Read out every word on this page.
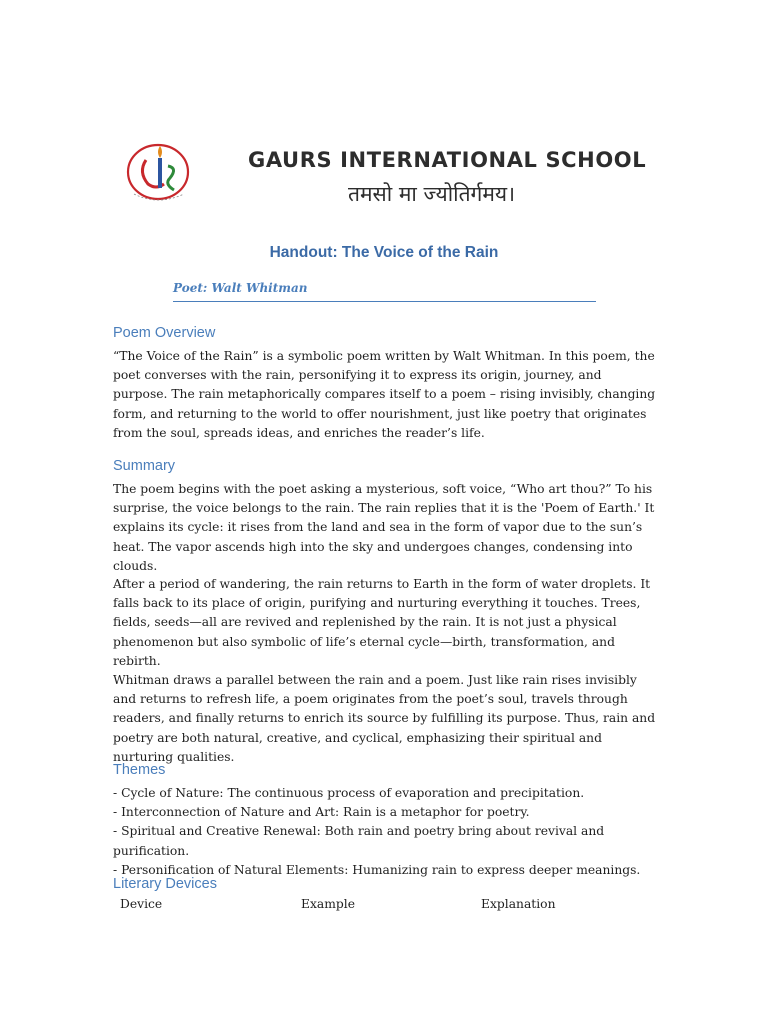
GAURS INTERNATIONAL SCHOOL
तमसो मा ज्योतिर्गमय।
Handout: The Voice of the Rain
Poet: Walt Whitman
Poem Overview

“The Voice of the Rain” is a symbolic poem written by Walt Whitman. In this poem, the poet converses with the rain, personifying it to express its origin, journey, and purpose. The rain metaphorically compares itself to a poem – rising invisibly, changing form, and returning to the world to offer nourishment, just like poetry that originates from the soul, spreads ideas, and enriches the reader’s life.

Summary

The poem begins with the poet asking a mysterious, soft voice, “Who art thou?” To his surprise, the voice belongs to the rain. The rain replies that it is the 'Poem of Earth.' It explains its cycle: it rises from the land and sea in the form of vapor due to the sun’s heat. The vapor ascends high into the sky and undergoes changes, condensing into clouds.

After a period of wandering, the rain returns to Earth in the form of water droplets. It falls back to its place of origin, purifying and nurturing everything it touches. Trees, fields, seeds—all are revived and replenished by the rain. It is not just a physical phenomenon but also symbolic of life’s eternal cycle—birth, transformation, and rebirth.

Whitman draws a parallel between the rain and a poem. Just like rain rises invisibly and returns to refresh life, a poem originates from the poet’s soul, travels through readers, and finally returns to enrich its source by fulfilling its purpose. Thus, rain and poetry are both natural, creative, and cyclical, emphasizing their spiritual and nurturing qualities.

Themes

- Cycle of Nature: The continuous process of evaporation and precipitation.

- Interconnection of Nature and Art: Rain is a metaphor for poetry.

- Spiritual and Creative Renewal: Both rain and poetry bring about revival and purification.

- Personification of Natural Elements: Humanizing rain to express deeper meanings.

Literary Devices
Device	Example	Explanation
